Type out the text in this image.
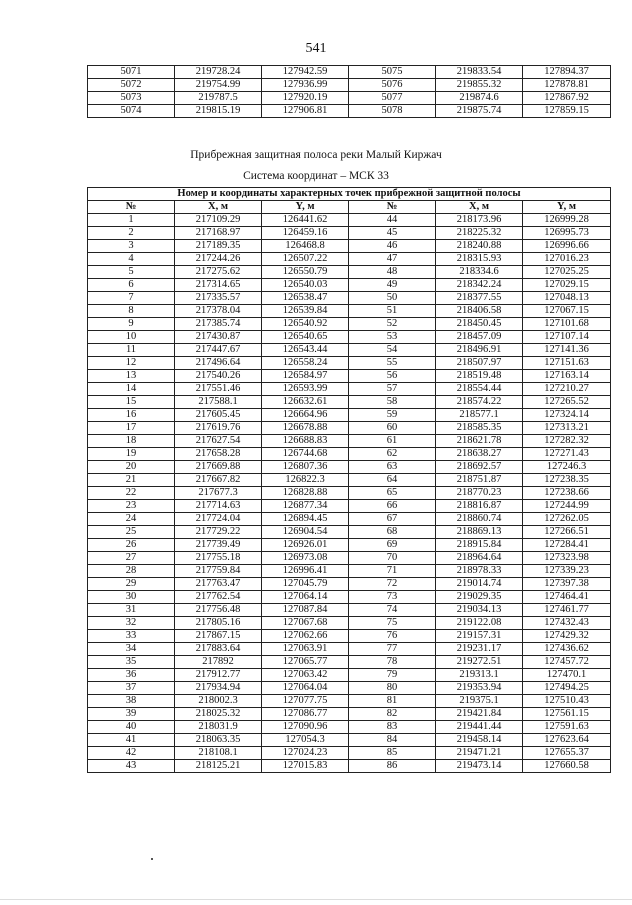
541
5071	219728.24	127942.59	5075	219833.54	127894.37
5072	219754.99	127936.99	5076	219855.32	127878.81
5073	219787.5	127920.19	5077	219874.6	127867.92
5074	219815.19	127906.81	5078	219875.74	127859.15
Прибрежная защитная полоса реки Малый Киржач
Система координат – МСК 33
Номер и координаты характерных точек прибрежной защитной полосы					
№	X, м	Y, м	№	X, м	Y, м
1	217109.29	126441.62	44	218173.96	126999.28
2	217168.97	126459.16	45	218225.32	126995.73
3	217189.35	126468.8	46	218240.88	126996.66
4	217244.26	126507.22	47	218315.93	127016.23
5	217275.62	126550.79	48	218334.6	127025.25
6	217314.65	126540.03	49	218342.24	127029.15
7	217335.57	126538.47	50	218377.55	127048.13
8	217378.04	126539.84	51	218406.58	127067.15
9	217385.74	126540.92	52	218450.45	127101.68
10	217430.87	126540.65	53	218457.09	127107.14
11	217447.67	126543.44	54	218496.91	127141.36
12	217496.64	126558.24	55	218507.97	127151.63
13	217540.26	126584.97	56	218519.48	127163.14
14	217551.46	126593.99	57	218554.44	127210.27
15	217588.1	126632.61	58	218574.22	127265.52
16	217605.45	126664.96	59	218577.1	127324.14
17	217619.76	126678.88	60	218585.35	127313.21
18	217627.54	126688.83	61	218621.78	127282.32
19	217658.28	126744.68	62	218638.27	127271.43
20	217669.88	126807.36	63	218692.57	127246.3
21	217667.82	126822.3	64	218751.87	127238.35
22	217677.3	126828.88	65	218770.23	127238.66
23	217714.63	126877.34	66	218816.87	127244.99
24	217724.04	126894.45	67	218860.74	127262.05
25	217729.22	126904.54	68	218869.13	127266.51
26	217739.49	126926.01	69	218915.84	127284.41
27	217755.18	126973.08	70	218964.64	127323.98
28	217759.84	126996.41	71	218978.33	127339.23
29	217763.47	127045.79	72	219014.74	127397.38
30	217762.54	127064.14	73	219029.35	127464.41
31	217756.48	127087.84	74	219034.13	127461.77
32	217805.16	127067.68	75	219122.08	127432.43
33	217867.15	127062.66	76	219157.31	127429.32
34	217883.64	127063.91	77	219231.17	127436.62
35	217892	127065.77	78	219272.51	127457.72
36	217912.77	127063.42	79	219313.1	127470.1
37	217934.94	127064.04	80	219353.94	127494.25
38	218002.3	127077.75	81	219375.1	127510.43
39	218025.32	127086.77	82	219421.84	127561.15
40	218031.9	127090.96	83	219441.44	127591.63
41	218063.35	127054.3	84	219458.14	127623.64
42	218108.1	127024.23	85	219471.21	127655.37
43	218125.21	127015.83	86	219473.14	127660.58
